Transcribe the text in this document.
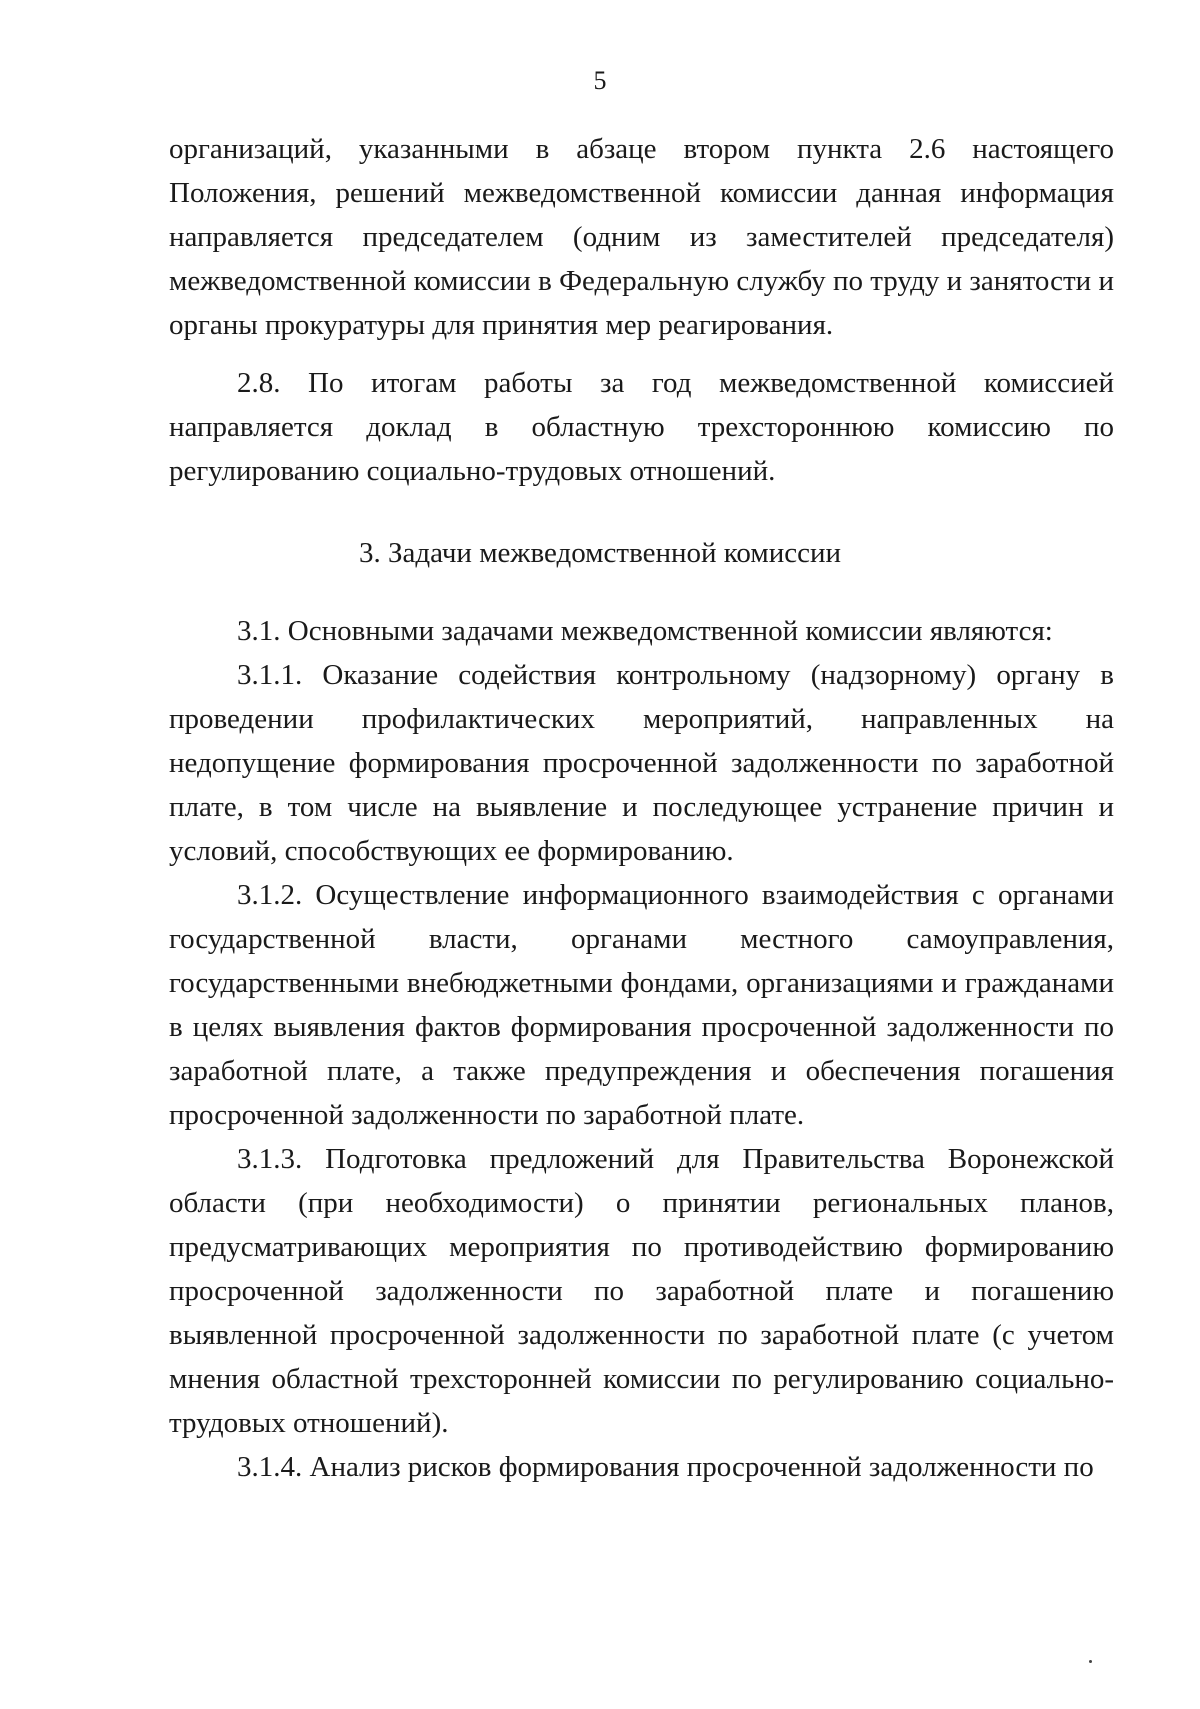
5

организаций, указанными в абзаце втором пункта 2.6 настоящего Положения, решений межведомственной комиссии данная информация направляется председателем (одним из заместителей председателя) межведомственной комиссии в Федеральную службу по труду и занятости и органы прокуратуры для принятия мер реагирования.

2.8. По итогам работы за год межведомственной комиссией направляется доклад в областную трехстороннюю комиссию по регулированию социально-трудовых отношений.

3. Задачи межведомственной комиссии

3.1. Основными задачами межведомственной комиссии являются:

3.1.1. Оказание содействия контрольному (надзорному) органу в проведении профилактических мероприятий, направленных на недопущение формирования просроченной задолженности по заработной плате, в том числе на выявление и последующее устранение причин и условий, способствующих ее формированию.

3.1.2. Осуществление информационного взаимодействия с органами государственной власти, органами местного самоуправления, государственными внебюджетными фондами, организациями и гражданами в целях выявления фактов формирования просроченной задолженности по заработной плате, а также предупреждения и обеспечения погашения просроченной задолженности по заработной плате.

3.1.3. Подготовка предложений для Правительства Воронежской области (при необходимости) о принятии региональных планов, предусматривающих мероприятия по противодействию формированию просроченной задолженности по заработной плате и погашению выявленной просроченной задолженности по заработной плате (с учетом мнения областной трехсторонней комиссии по регулированию социально-трудовых отношений).

3.1.4. Анализ рисков формирования просроченной задолженности по
